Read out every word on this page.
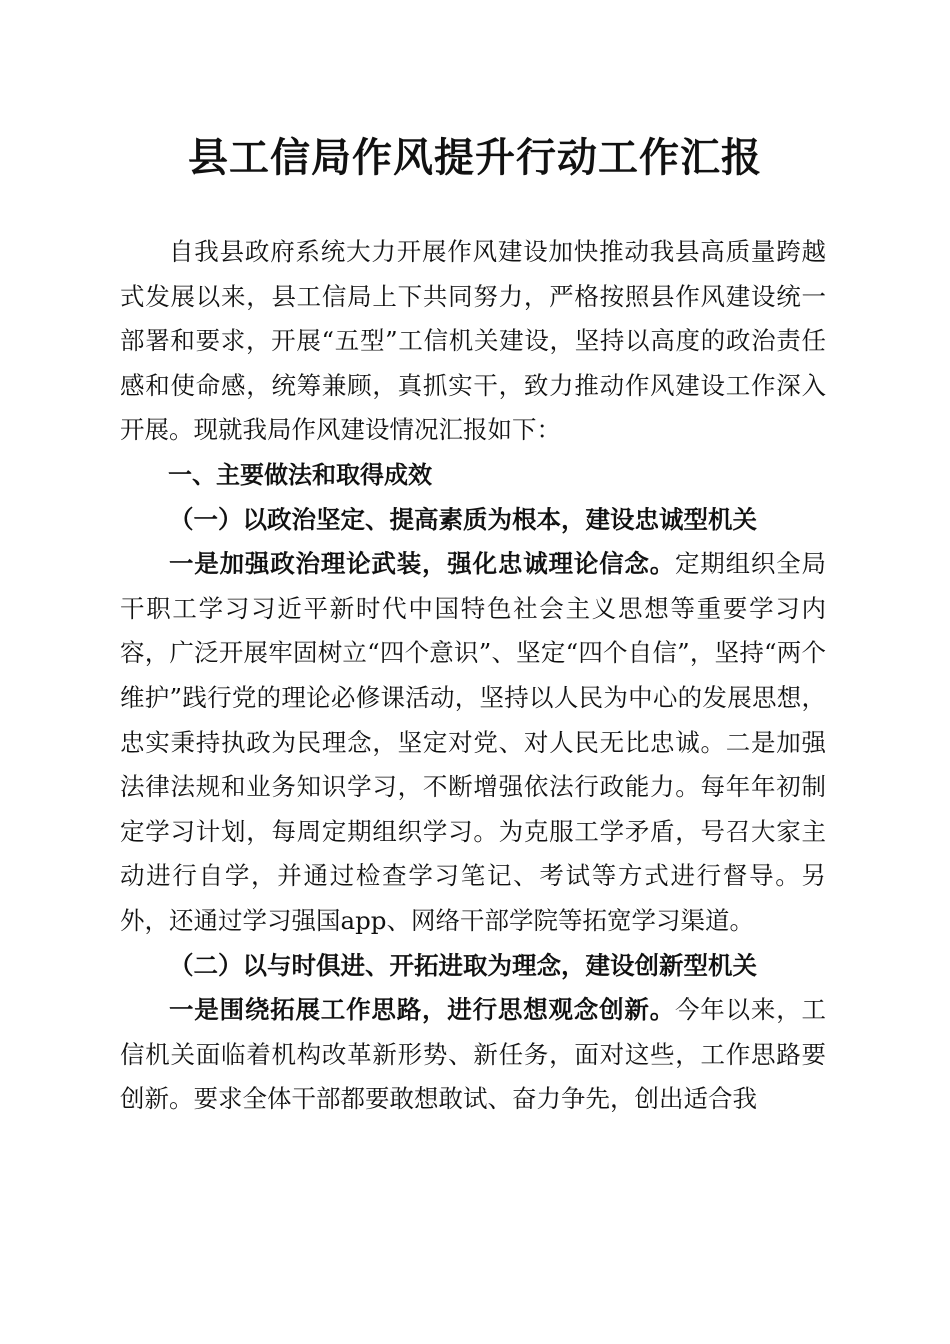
县工信局作风提升行动工作汇报

自我县政府系统大力开展作风建设加快推动我县高质量跨越式发展以来，县工信局上下共同努力，严格按照县作风建设统一部署和要求，开展“五型”工信机关建设，坚持以高度的政治责任感和使命感，统筹兼顾，真抓实干，致力推动作风建设工作深入开展。现就我局作风建设情况汇报如下：

一、主要做法和取得成效

（一）以政治坚定、提高素质为根本，建设忠诚型机关

一是加强政治理论武装，强化忠诚理论信念。定期组织全局干职工学习习近平新时代中国特色社会主义思想等重要学习内容，广泛开展牢固树立“四个意识”、坚定“四个自信”，坚持“两个维护”践行党的理论必修课活动，坚持以人民为中心的发展思想，忠实秉持执政为民理念，坚定对党、对人民无比忠诚。二是加强法律法规和业务知识学习，不断增强依法行政能力。每年年初制定学习计划，每周定期组织学习。为克服工学矛盾，号召大家主动进行自学，并通过检查学习笔记、考试等方式进行督导。另外，还通过学习强国app、网络干部学院等拓宽学习渠道。

（二）以与时俱进、开拓进取为理念，建设创新型机关

一是围绕拓展工作思路，进行思想观念创新。今年以来，工信机关面临着机构改革新形势、新任务，面对这些，工作思路要创新。要求全体干部都要敢想敢试、奋力争先，创出适合我
